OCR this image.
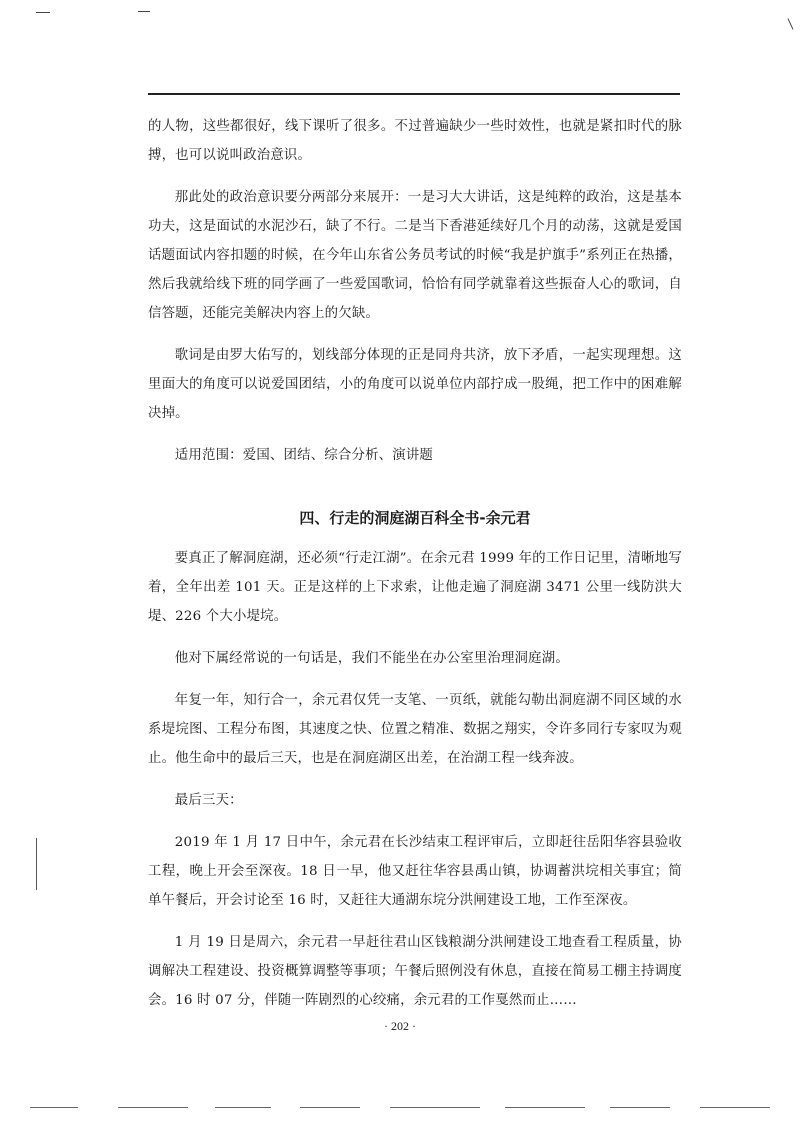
的人物，这些都很好，线下课听了很多。不过普遍缺少一些时效性，也就是紧扣时代的脉搏，也可以说叫政治意识。

那此处的政治意识要分两部分来展开：一是习大大讲话，这是纯粹的政治，这是基本功夫，这是面试的水泥沙石，缺了不行。二是当下香港延续好几个月的动荡，这就是爱国话题面试内容扣题的时候，在今年山东省公务员考试的时候“我是护旗手”系列正在热播，然后我就给线下班的同学画了一些爱国歌词，恰恰有同学就靠着这些振奋人心的歌词，自信答题，还能完美解决内容上的欠缺。

歌词是由罗大佑写的，划线部分体现的正是同舟共济，放下矛盾，一起实现理想。这里面大的角度可以说爱国团结，小的角度可以说单位内部拧成一股绳，把工作中的困难解决掉。

适用范围：爱国、团结、综合分析、演讲题

四、行走的洞庭湖百科全书-余元君

要真正了解洞庭湖，还必须“行走江湖”。在余元君 1999 年的工作日记里，清晰地写着，全年出差 101 天。正是这样的上下求索，让他走遍了洞庭湖 3471 公里一线防洪大堤、226 个大小堤垸。

他对下属经常说的一句话是，我们不能坐在办公室里治理洞庭湖。

年复一年，知行合一，余元君仅凭一支笔、一页纸，就能勾勒出洞庭湖不同区域的水系堤垸图、工程分布图，其速度之快、位置之精准、数据之翔实，令许多同行专家叹为观止。他生命中的最后三天，也是在洞庭湖区出差，在治湖工程一线奔波。

最后三天：

2019 年 1 月 17 日中午，余元君在长沙结束工程评审后，立即赶往岳阳华容县验收工程，晚上开会至深夜。18 日一早，他又赶往华容县禹山镇，协调蓄洪垸相关事宜；简单午餐后，开会讨论至 16 时，又赶往大通湖东垸分洪闸建设工地，工作至深夜。

1 月 19 日是周六，余元君一早赶往君山区钱粮湖分洪闸建设工地查看工程质量，协调解决工程建设、投资概算调整等事项；午餐后照例没有休息，直接在简易工棚主持调度会。16 时 07 分，伴随一阵剧烈的心绞痛，余元君的工作戛然而止……

· 202 ·
